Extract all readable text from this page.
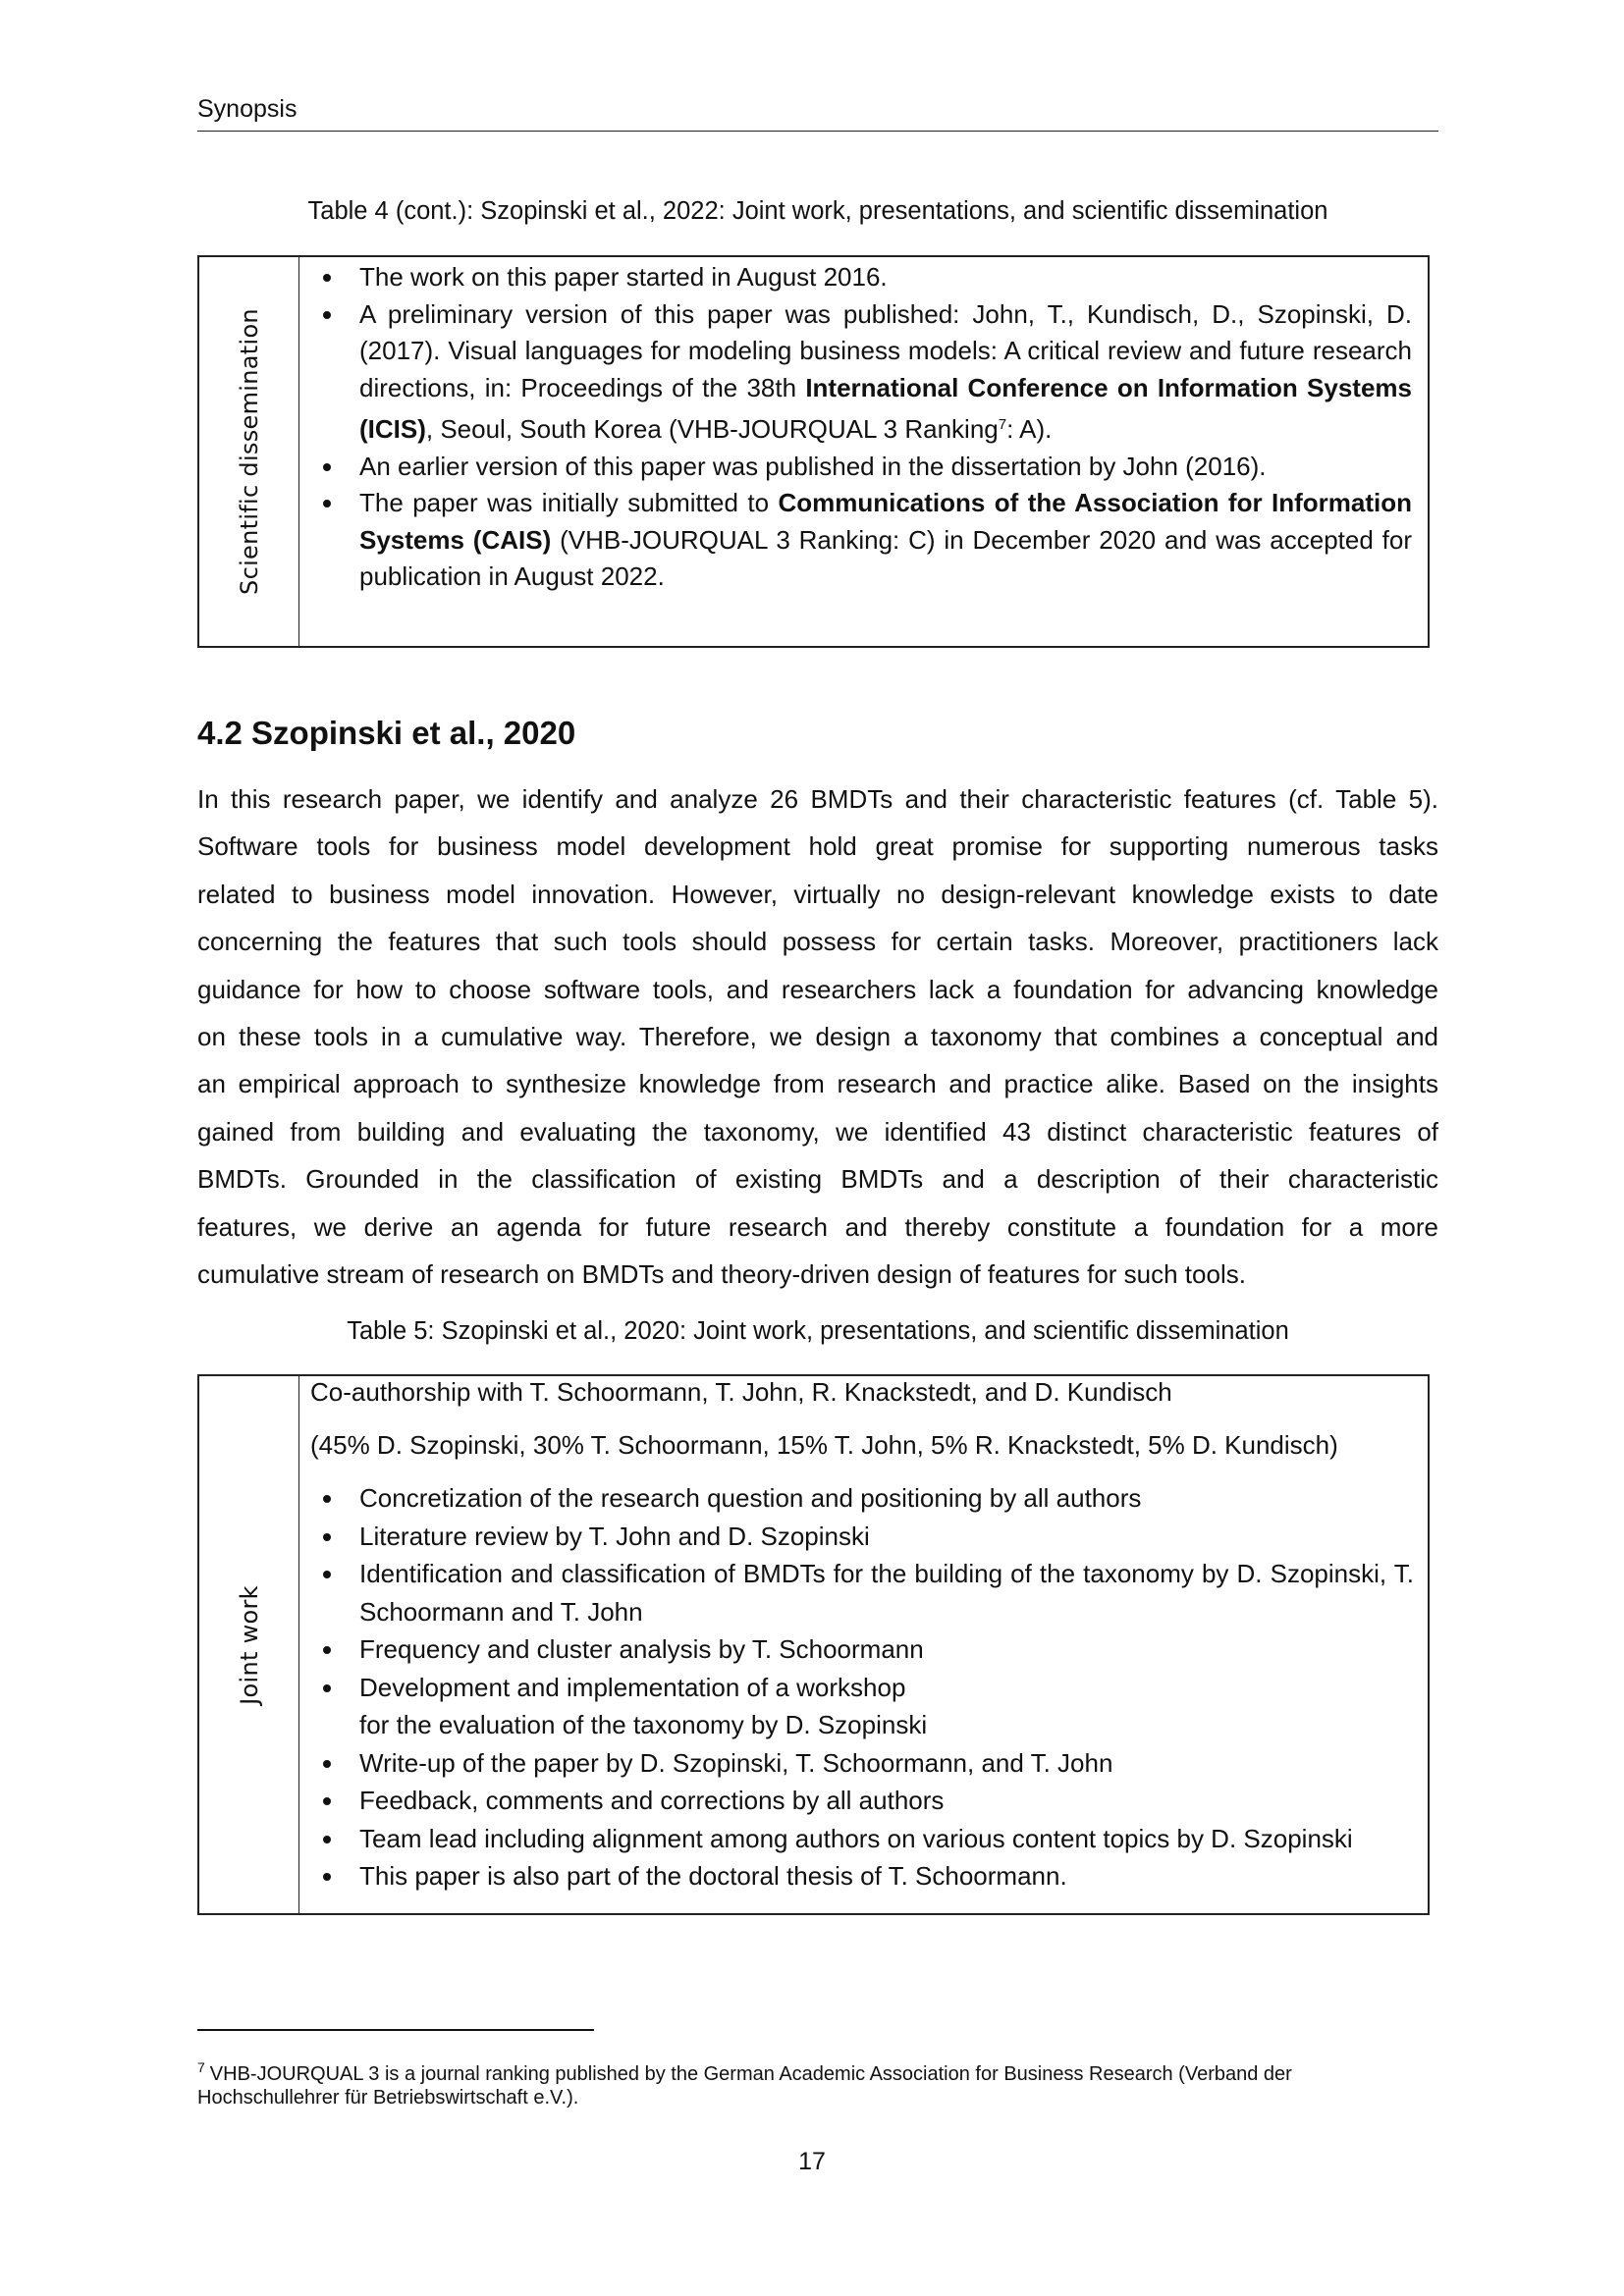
Synopsis
Table 4 (cont.): Szopinski et al., 2022: Joint work, presentations, and scientific dissemination
Scientific dissemination
The work on this paper started in August 2016.
A preliminary version of this paper was published: John, T., Kundisch, D., Szopinski, D. (2017). Visual languages for modeling business models: A critical review and future research directions, in: Proceedings of the 38th International Conference on Information Systems (ICIS), Seoul, South Korea (VHB-JOURQUAL 3 Ranking$^7$: A).
An earlier version of this paper was published in the dissertation by John (2016).
The paper was initially submitted to Communications of the Association for Information Systems (CAIS) (VHB-JOURQUAL 3 Ranking: C) in December 2020 and was accepted for publication in August 2022.
4.2 Szopinski et al., 2020
In this research paper, we identify and analyze 26 BMDTs and their characteristic features (cf. Table 5).
Software tools for business model development hold great promise for supporting numerous tasks
related to business model innovation. However, virtually no design-relevant knowledge exists to date
concerning the features that such tools should possess for certain tasks. Moreover, practitioners lack
guidance for how to choose software tools, and researchers lack a foundation for advancing knowledge
on these tools in a cumulative way. Therefore, we design a taxonomy that combines a conceptual and
an empirical approach to synthesize knowledge from research and practice alike. Based on the insights
gained from building and evaluating the taxonomy, we identified 43 distinct characteristic features of
BMDTs. Grounded in the classification of existing BMDTs and a description of their characteristic
features, we derive an agenda for future research and thereby constitute a foundation for a more
cumulative stream of research on BMDTs and theory-driven design of features for such tools.
Table 5: Szopinski et al., 2020: Joint work, presentations, and scientific dissemination
Joint work
Co-authorship with T. Schoormann, T. John, R. Knackstedt, and D. Kundisch
(45% D. Szopinski, 30% T. Schoormann, 15% T. John, 5% R. Knackstedt, 5% D. Kundisch)
Concretization of the research question and positioning by all authors
Literature review by T. John and D. Szopinski
Identification and classification of BMDTs for the building of the taxonomy by D. Szopinski, T. Schoormann and T. John
Frequency and cluster analysis by T. Schoormann
Development and implementation of a workshop
for the evaluation of the taxonomy by D. Szopinski
Write-up of the paper by D. Szopinski, T. Schoormann, and T. John
Feedback, comments and corrections by all authors
Team lead including alignment among authors on various content topics by D. Szopinski
This paper is also part of the doctoral thesis of T. Schoormann.
$^7$ VHB-JOURQUAL 3 is a journal ranking published by the German Academic Association for Business Research (Verband der Hochschullehrer für Betriebswirtschaft e.V.).
17
